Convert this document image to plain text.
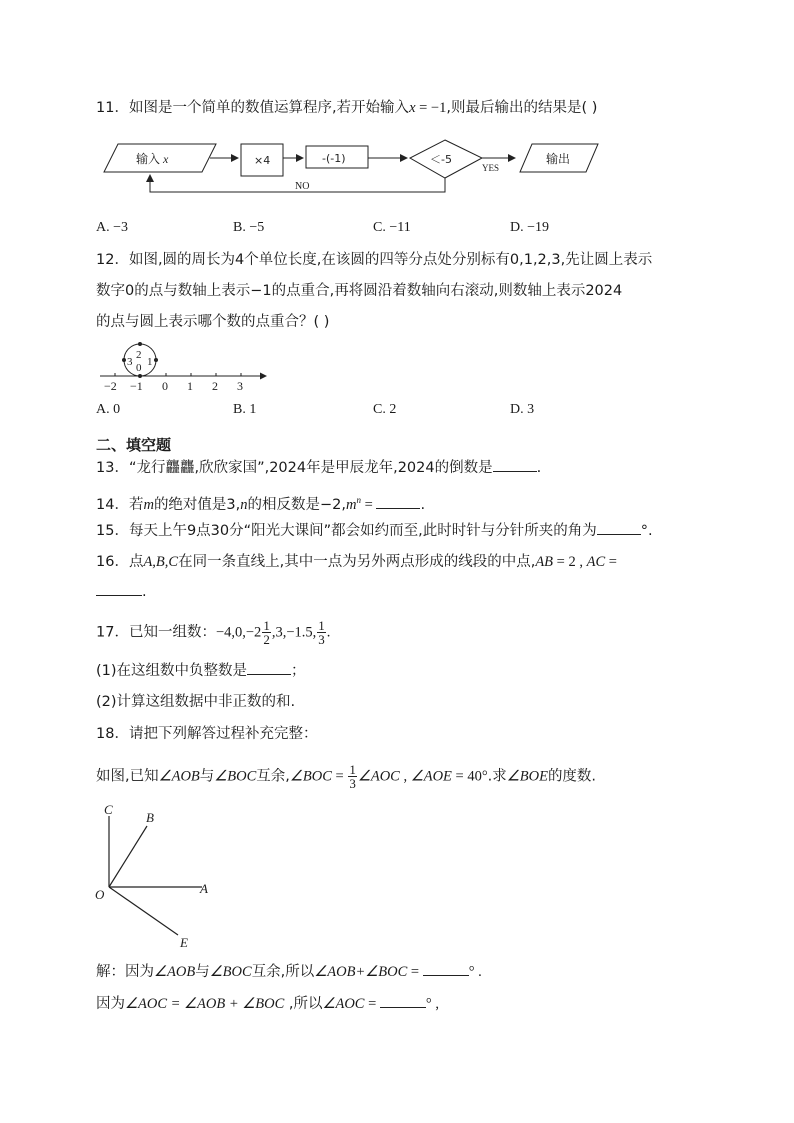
11．如图是一个简单的数值运算程序,若开始输入x = −1,则最后输出的结果是( )
输入 x	×4	-(-1)	＜-5
YES
输出
NO
A. −3	B. −5	C. −11	D. −19
12．如图,圆的周长为4个单位长度,在该圆的四等分点处分别标有0,1,2,3,先让圆上表示
数字0的点与数轴上表示−1的点重合,再将圆沿着数轴向右滚动,则数轴上表示2024
的点与圆上表示哪个数的点重合？( )
2
3 0 1
−2 −1 0 1 2 3
A. 0	B. 1	C. 2	D. 3
二、填空题
13．“龙行龘龘,欣欣家国”,2024年是甲辰龙年,2024的倒数是	.
14．若m的绝对值是3,n的相反数是$-2,m^n$ =	.
15．每天上午9点30分“阳光大课间”都会如约而至,此时时针与分针所夹的角为	°.
16．点A,B,C在同一条直线上,其中一点为另外两点形成的线段的中点,AB = 2 , AC =
.
17．已知一组数：$-4,0,-2 \frac{1}{2} ,3,-1.5$, $\frac{1}{3}$ .
(1)在这组数中负整数是	；
(2)计算这组数据中非正数的和.
18．请把下列解答过程补充完整：
如图,已知∠AOB与∠BOC互余,∠BOC = $\frac{1}{3}$ ∠AOC , ∠AOE = 40°.求∠BOE的度数.
C
B
O	A
E
解：因为∠AOB与∠BOC互余,所以∠AOB+∠BOC =	° .
因为∠AOC = ∠AOB + ∠BOC ,所以∠AOC =	° ,
